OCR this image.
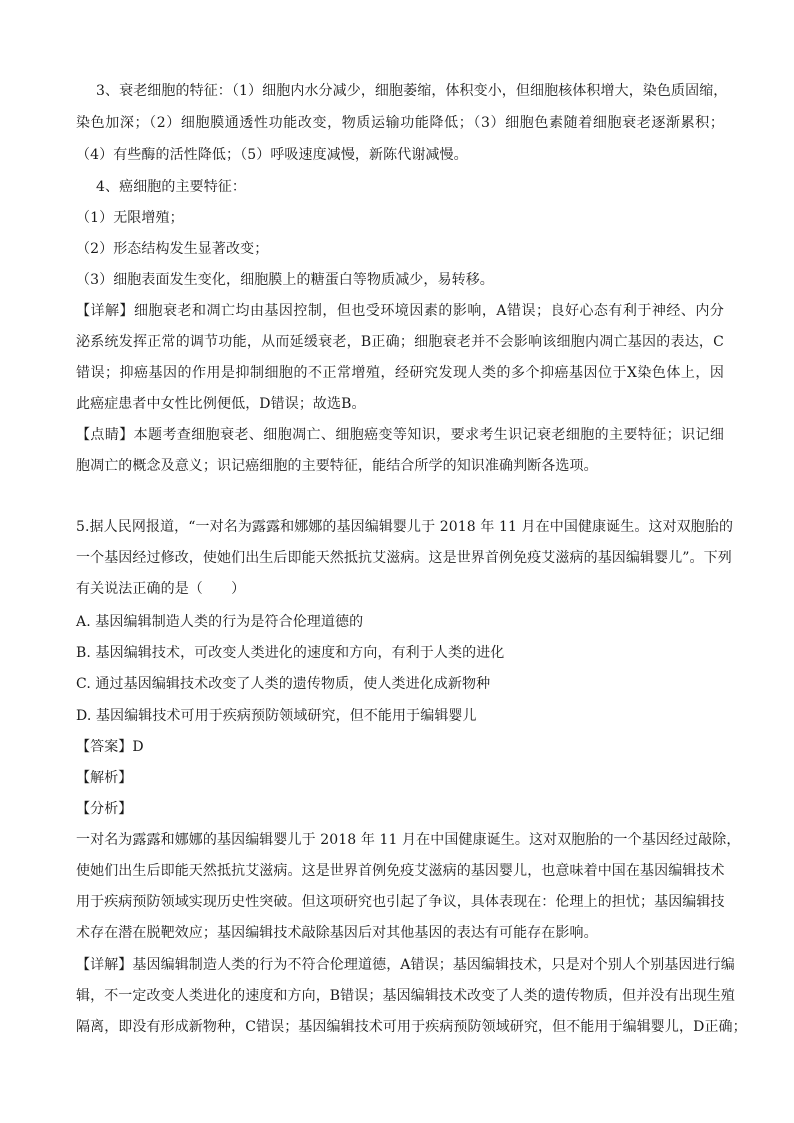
3、衰老细胞的特征：（1）细胞内水分减少，细胞萎缩，体积变小，但细胞核体积增大，染色质固缩，
染色加深；（2）细胞膜通透性功能改变，物质运输功能降低；（3）细胞色素随着细胞衰老逐渐累积；
（4）有些酶的活性降低；（5）呼吸速度减慢，新陈代谢减慢。
4、癌细胞的主要特征：
（1）无限增殖；
（2）形态结构发生显著改变；
（3）细胞表面发生变化，细胞膜上的糖蛋白等物质减少，易转移。
【详解】细胞衰老和凋亡均由基因控制，但也受环境因素的影响，A错误；良好心态有利于神经、内分
泌系统发挥正常的调节功能，从而延缓衰老，B正确；细胞衰老并不会影响该细胞内凋亡基因的表达，C
错误；抑癌基因的作用是抑制细胞的不正常增殖，经研究发现人类的多个抑癌基因位于X染色体上，因
此癌症患者中女性比例便低，D错误；故选B。
【点睛】本题考查细胞衰老、细胞凋亡、细胞癌变等知识，要求考生识记衰老细胞的主要特征；识记细
胞凋亡的概念及意义；识记癌细胞的主要特征，能结合所学的知识准确判断各选项。
5.据人民网报道，“一对名为露露和娜娜的基因编辑婴儿于 2018 年 11 月在中国健康诞生。这对双胞胎的
一个基因经过修改，使她们出生后即能天然抵抗艾滋病。这是世界首例免疫艾滋病的基因编辑婴儿”。下列
有关说法正确的是（　　）
A. 基因编辑制造人类的行为是符合伦理道德的
B. 基因编辑技术，可改变人类进化的速度和方向，有利于人类的进化
C. 通过基因编辑技术改变了人类的遗传物质，使人类进化成新物种
D. 基因编辑技术可用于疾病预防领域研究，但不能用于编辑婴儿
【答案】D
【解析】
【分析】
一对名为露露和娜娜的基因编辑婴儿于 2018 年 11 月在中国健康诞生。这对双胞胎的一个基因经过敲除，
使她们出生后即能天然抵抗艾滋病。这是世界首例免疫艾滋病的基因婴儿，也意味着中国在基因编辑技术
用于疾病预防领域实现历史性突破。但这项研究也引起了争议，具体表现在：伦理上的担忧；基因编辑技
术存在潜在脱靶效应；基因编辑技术敲除基因后对其他基因的表达有可能存在影响。
【详解】基因编辑制造人类的行为不符合伦理道德，A错误；基因编辑技术，只是对个别人个别基因进行编
辑，不一定改变人类进化的速度和方向，B错误；基因编辑技术改变了人类的遗传物质，但并没有出现生殖
隔离，即没有形成新物种，C错误；基因编辑技术可用于疾病预防领域研究，但不能用于编辑婴儿，D正确；
